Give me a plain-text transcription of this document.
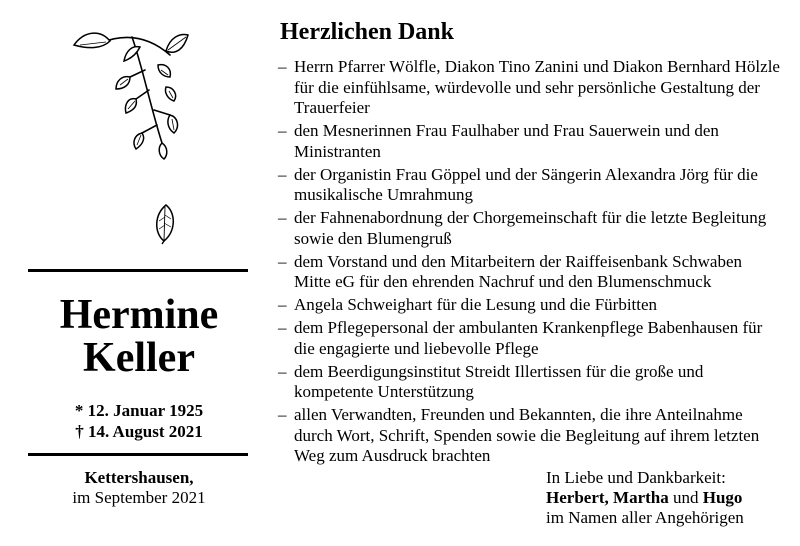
Hermine
Keller
* 12. Januar 1925
† 14. August 2021
Kettershausen,
im September 2021
Herzlichen Dank
– Herrn Pfarrer Wölfle, Diakon Tino Zanini und Diakon Bernhard Hölzle für die einfühlsame, würdevolle und sehr persönliche Gestaltung der Trauerfeier
– den Mesnerinnen Frau Faulhaber und Frau Sauerwein und den Ministranten
– der Organistin Frau Göppel und der Sängerin Alexandra Jörg für die musikalische Umrahmung
– der Fahnenabordnung der Chorgemeinschaft für die letzte Begleitung sowie den Blumengruß
– dem Vorstand und den Mitarbeitern der Raiffeisenbank Schwaben Mitte eG für den ehrenden Nachruf und den Blumenschmuck
– Angela Schweighart für die Lesung und die Fürbitten
– dem Pflegepersonal der ambulanten Krankenpflege Babenhausen für die engagierte und liebevolle Pflege
– dem Beerdigungsinstitut Streidt Illertissen für die große und kompetente Unterstützung
– allen Verwandten, Freunden und Bekannten, die ihre Anteilnahme durch Wort, Schrift, Spenden sowie die Begleitung auf ihrem letzten Weg zum Ausdruck brachten
In Liebe und Dankbarkeit:
Herbert, Martha und Hugo
im Namen aller Angehörigen
